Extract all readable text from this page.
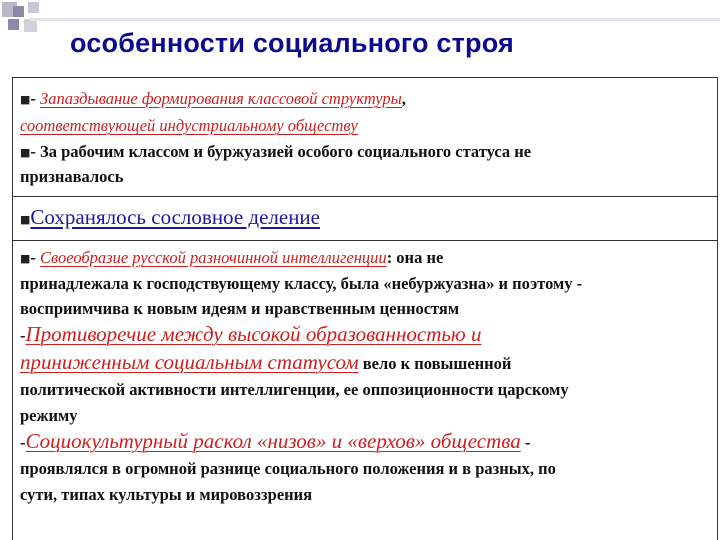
особенности социального строя

■- Запаздывание формирования классовой структуры,
соответствующей индустриальному обществу

■- За рабочим классом и буржуазией особого социального статуса не
признавалось

■Сохранялось сословное деление

■- Своеобразие русской разночинной интеллигенции: она не
принадлежала к господствующему классу, была «небуржуазна» и поэтому -
восприимчива к новым идеям и нравственным ценностям

-Противоречие между высокой образованностью и
приниженным социальным статусом вело к повышенной
политической активности интеллигенции, ее оппозиционности царскому
режиму

-Социокультурный раскол «низов» и «верхов» общества -
проявлялся в огромной разнице социального положения и в разных, по
сути, типах культуры и мировоззрения
